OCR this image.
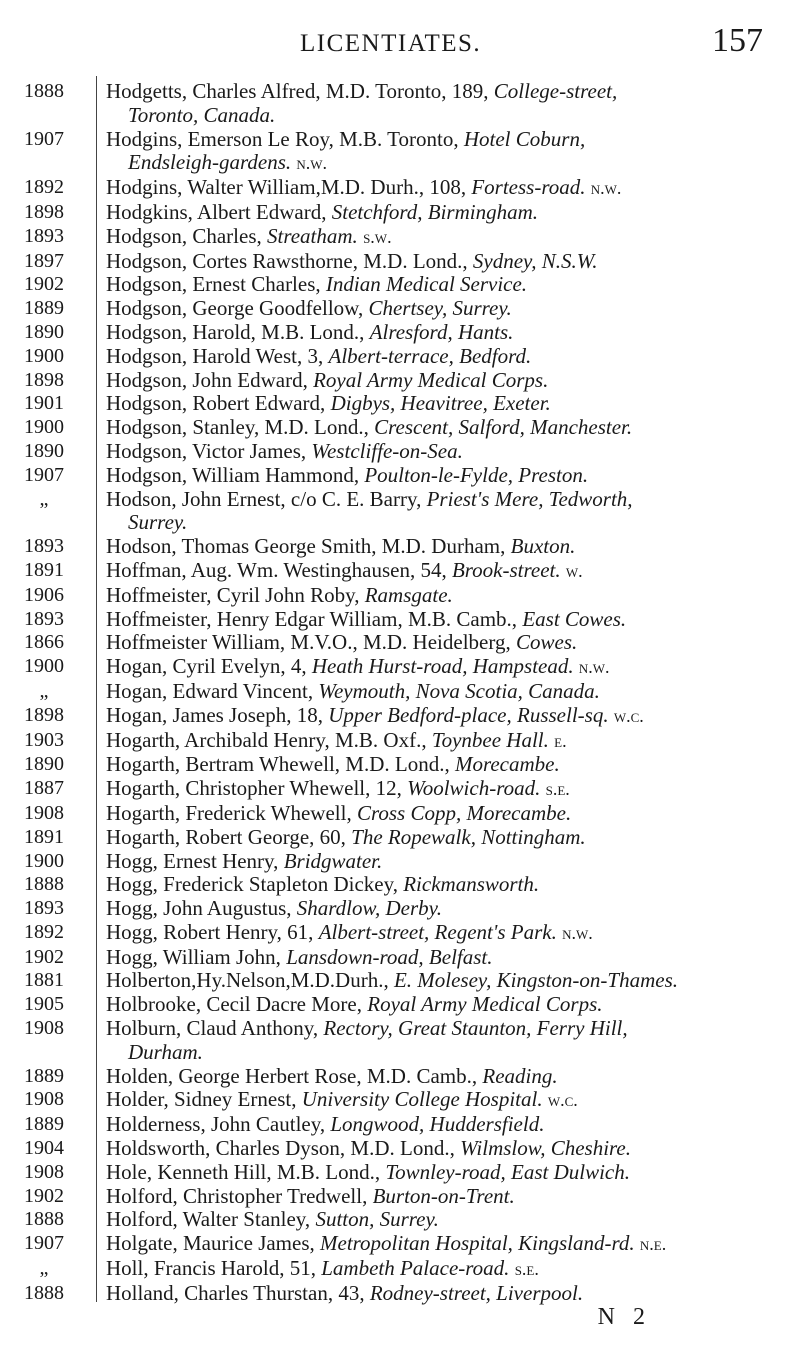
LICENTIATES.	157
1888	Hodgetts, Charles Alfred, M.D. Toronto, 189, College-street,
Toronto, Canada.
1907	Hodgins, Emerson Le Roy, M.B. Toronto, Hotel Coburn,
Endsleigh-gardens. n.w.
1892	Hodgins, Walter William,M.D. Durh., 108, Fortess-road. n.w.
1898	Hodgkins, Albert Edward, Stetchford, Birmingham.
1893	Hodgson, Charles, Streatham. s.w.
1897	Hodgson, Cortes Rawsthorne, M.D. Lond., Sydney, N.S.W.
1902	Hodgson, Ernest Charles, Indian Medical Service.
1889	Hodgson, George Goodfellow, Chertsey, Surrey.
1890	Hodgson, Harold, M.B. Lond., Alresford, Hants.
1900	Hodgson, Harold West, 3, Albert-terrace, Bedford.
1898	Hodgson, John Edward, Royal Army Medical Corps.
1901	Hodgson, Robert Edward, Digbys, Heavitree, Exeter.
1900	Hodgson, Stanley, M.D. Lond., Crescent, Salford, Manchester.
1890	Hodgson, Victor James, Westcliffe-on-Sea.
1907	Hodgson, William Hammond, Poulton-le-Fylde, Preston.
„	Hodson, John Ernest, c/o C. E. Barry, Priest's Mere, Tedworth,
Surrey.
1893	Hodson, Thomas George Smith, M.D. Durham, Buxton.
1891	Hoffman, Aug. Wm. Westinghausen, 54, Brook-street. w.
1906	Hoffmeister, Cyril John Roby, Ramsgate.
1893	Hoffmeister, Henry Edgar William, M.B. Camb., East Cowes.
1866	Hoffmeister William, M.V.O., M.D. Heidelberg, Cowes.
1900	Hogan, Cyril Evelyn, 4, Heath Hurst-road, Hampstead. n.w.
„	Hogan, Edward Vincent, Weymouth, Nova Scotia, Canada.
1898	Hogan, James Joseph, 18, Upper Bedford-place, Russell-sq. w.c.
1903	Hogarth, Archibald Henry, M.B. Oxf., Toynbee Hall. e.
1890	Hogarth, Bertram Whewell, M.D. Lond., Morecambe.
1887	Hogarth, Christopher Whewell, 12, Woolwich-road. s.e.
1908	Hogarth, Frederick Whewell, Cross Copp, Morecambe.
1891	Hogarth, Robert George, 60, The Ropewalk, Nottingham.
1900	Hogg, Ernest Henry, Bridgwater.
1888	Hogg, Frederick Stapleton Dickey, Rickmansworth.
1893	Hogg, John Augustus, Shardlow, Derby.
1892	Hogg, Robert Henry, 61, Albert-street, Regent's Park. n.w.
1902	Hogg, William John, Lansdown-road, Belfast.
1881	Holberton,Hy.Nelson,M.D.Durh., E. Molesey, Kingston-on-Thames.
1905	Holbrooke, Cecil Dacre More, Royal Army Medical Corps.
1908	Holburn, Claud Anthony, Rectory, Great Staunton, Ferry Hill,
Durham.
1889	Holden, George Herbert Rose, M.D. Camb., Reading.
1908	Holder, Sidney Ernest, University College Hospital. w.c.
1889	Holderness, John Cautley, Longwood, Huddersfield.
1904	Holdsworth, Charles Dyson, M.D. Lond., Wilmslow, Cheshire.
1908	Hole, Kenneth Hill, M.B. Lond., Townley-road, East Dulwich.
1902	Holford, Christopher Tredwell, Burton-on-Trent.
1888	Holford, Walter Stanley, Sutton, Surrey.
1907	Holgate, Maurice James, Metropolitan Hospital, Kingsland-rd. n.e.
„	Holl, Francis Harold, 51, Lambeth Palace-road. s.e.
1888	Holland, Charles Thurstan, 43, Rodney-street, Liverpool.
N 2
